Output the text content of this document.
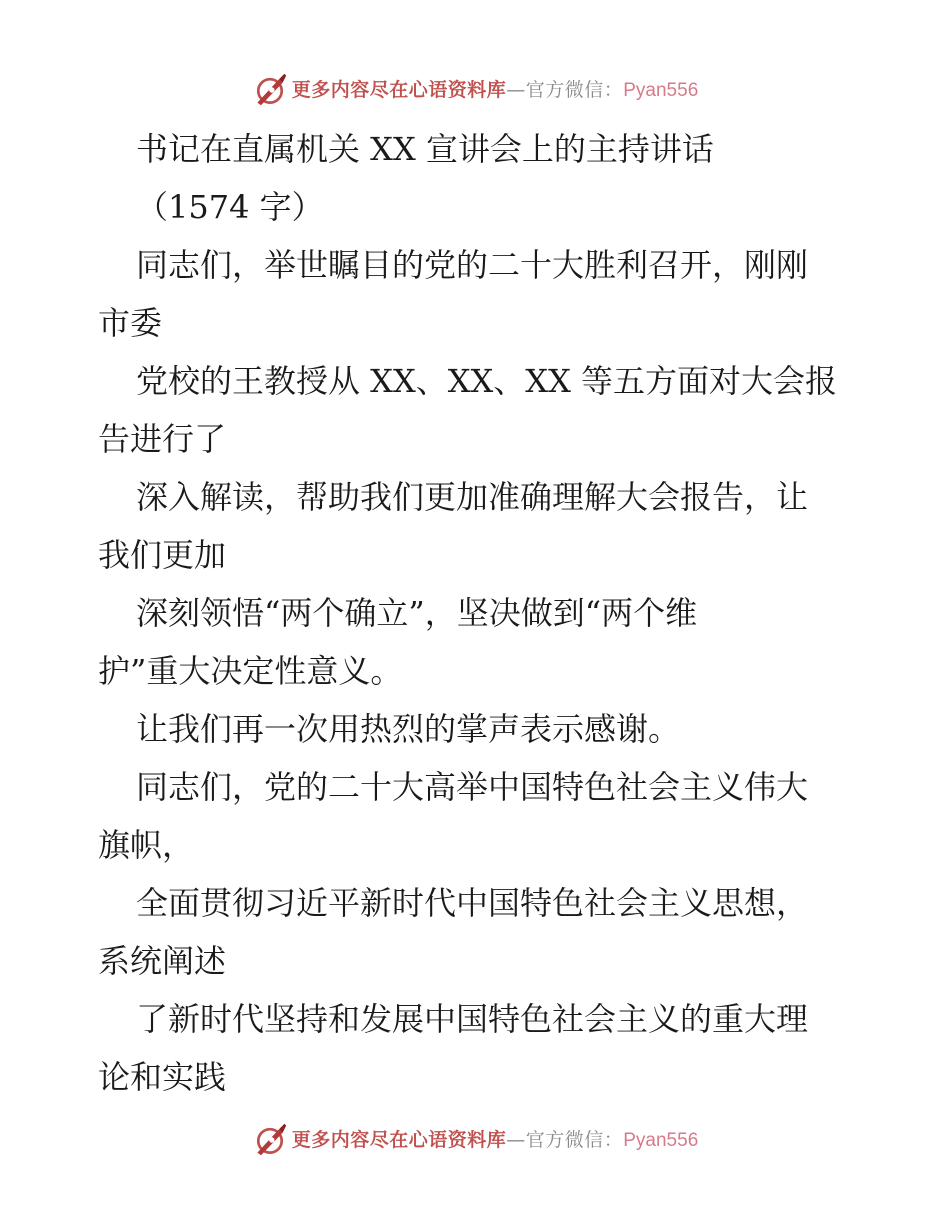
更多内容尽在心语资料库 — 官方微信： Pyan556
书记在直属机关 XX 宣讲会上的主持讲话
（1574 字）
同志们，举世瞩目的党的二十大胜利召开，刚刚
市委
党校的王教授从 XX、XX、XX 等五方面对大会报
告进行了
深入解读，帮助我们更加准确理解大会报告，让
我们更加
深刻领悟“两个确立”，坚决做到“两个维
护”重大决定性意义。
让我们再一次用热烈的掌声表示感谢。
同志们，党的二十大高举中国特色社会主义伟大
旗帜，
全面贯彻习近平新时代中国特色社会主义思想，
系统阐述
了新时代坚持和发展中国特色社会主义的重大理
论和实践
更多内容尽在心语资料库 — 官方微信： Pyan556
